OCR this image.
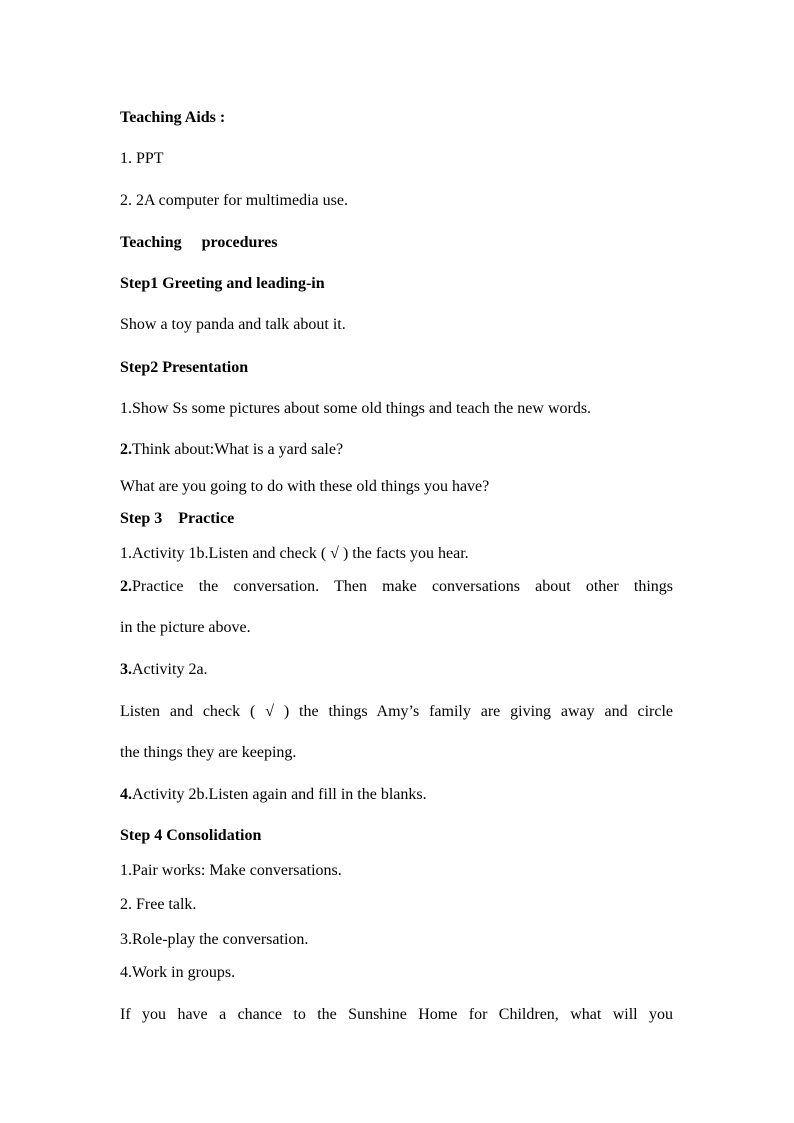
Teaching Aids :
1. PPT
2. 2A computer for multimedia use.
Teaching     procedures
Step1 Greeting and leading-in
Show a toy panda and talk about it.
Step2 Presentation
1.Show Ss some pictures about some old things and teach the new words.
2.Think about:What is a yard sale?
What are you going to do with these old things you have?
Step 3    Practice
1.Activity 1b.Listen and check ( √ ) the facts you hear.
2.Practice the conversation. Then make conversations about other things
in the picture above.
3.Activity 2a.
Listen and check ( √ ) the things Amy’s family are giving away and circle
the things they are keeping.
4.Activity 2b.Listen again and fill in the blanks.
Step 4 Consolidation
1.Pair works: Make conversations.
2. Free talk.
3.Role-play the conversation.
4.Work in groups.
If you have a chance to the Sunshine Home for Children, what will you
